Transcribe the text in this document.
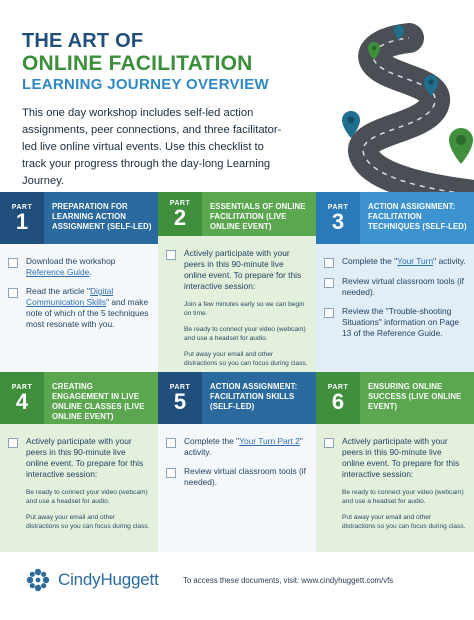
THE ART OF
ONLINE FACILITATION
LEARNING JOURNEY OVERVIEW
This one day workshop includes self-led action assignments, peer connections, and three facilitator-led live online virtual events. Use this checklist to track your progress through the day-long Learning Journey.
PART
1
PREPARATION FOR LEARNING ACTION ASSIGNMENT (SELF-LED)
Download the workshop Reference Guide.
Read the article "Digital Communication Skills" and make note of which of the 5 techniques most resonate with you.
PART
2	ESSENTIALS OF ONLINE FACILITATION (LIVE ONLINE EVENT)
Actively participate with your peers in this 90-minute live online event. To prepare for this interactive session:
Join a few minutes early so we can begin on time.
Be ready to connect your video (webcam) and use a headset for audio.
Put away your email and other distractions so you can focus during class.
PART
3
ACTION ASSIGNMENT: FACILITATION TECHNIQUES (SELF-LED)
Complete the "Your Turn" activity.
Review virtual classroom tools (if needed).
Review the "Trouble-shooting Situations" information on Page 13 of the Reference Guide.
PART
4
CREATING ENGAGEMENT IN LIVE ONLINE CLASSES (LIVE ONLINE EVENT)
Actively participate with your peers in this 90-minute live online event. To prepare for this interactive session:
Be ready to connect your video (webcam) and use a headset for audio.
Put away your email and other distractions so you can focus during class.
PART
5
ACTION ASSIGNMENT: FACILITATION SKILLS (SELF-LED)
Complete the "Your Turn Part 2" activity.
Review virtual classroom tools (if needed).
PART
6
ENSURING ONLINE SUCCESS (LIVE ONLINE EVENT)
Actively participate with your peers in this 90-minute live online event. To prepare for this interactive session:
Be ready to connect your video (webcam) and use a headset for audio.
Put away your email and other distractions so you can focus during class.
CindyHuggett	To access these documents, visit: www.cindyhuggett.com/vfs
